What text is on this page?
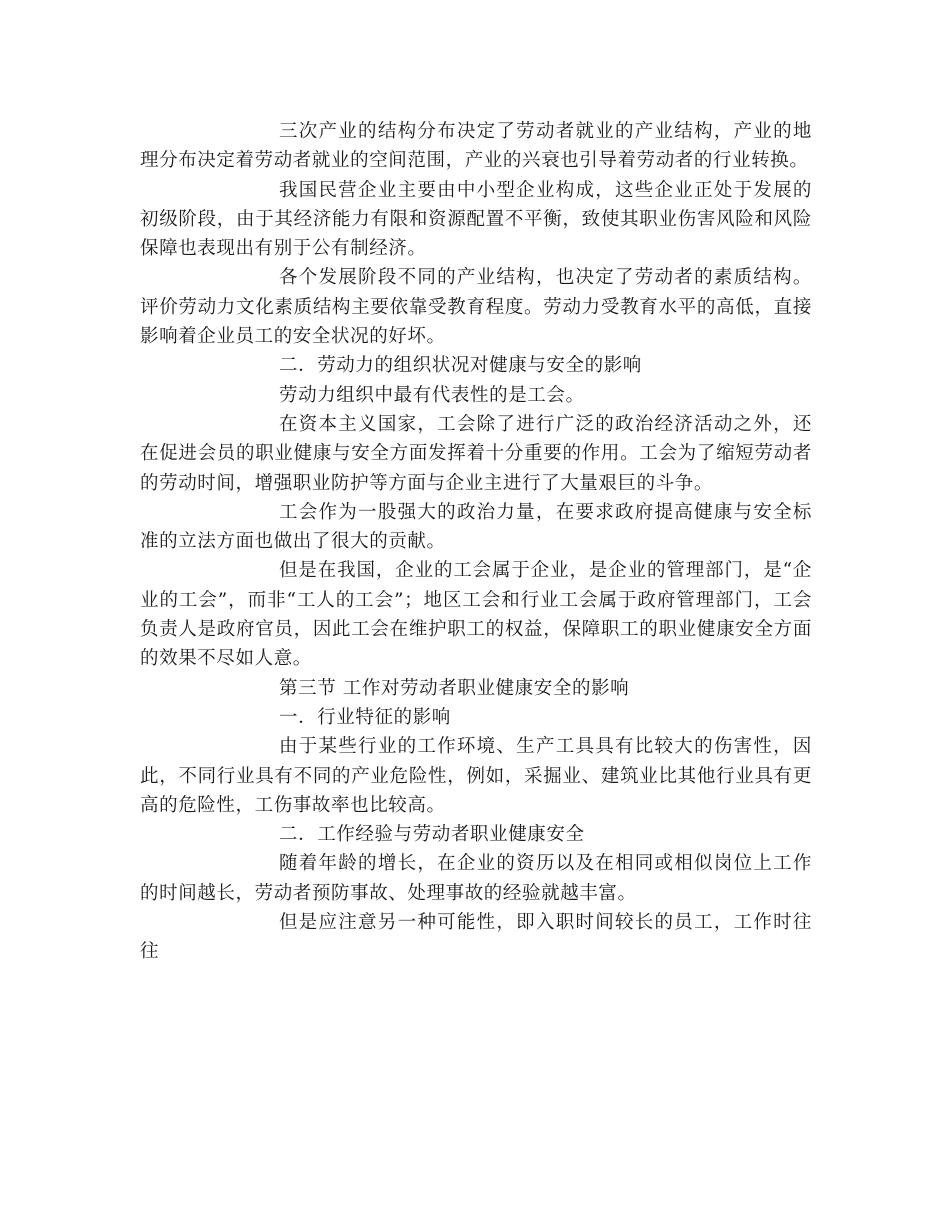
三次产业的结构分布决定了劳动者就业的产业结构，产业的地理分布决定着劳动者就业的空间范围，产业的兴衰也引导着劳动者的行业转换。

我国民营企业主要由中小型企业构成，这些企业正处于发展的初级阶段，由于其经济能力有限和资源配置不平衡，致使其职业伤害风险和风险保障也表现出有别于公有制经济。

各个发展阶段不同的产业结构，也决定了劳动者的素质结构。评价劳动力文化素质结构主要依靠受教育程度。劳动力受教育水平的高低，直接影响着企业员工的安全状况的好坏。

二．劳动力的组织状况对健康与安全的影响

劳动力组织中最有代表性的是工会。

在资本主义国家，工会除了进行广泛的政治经济活动之外，还在促进会员的职业健康与安全方面发挥着十分重要的作用。工会为了缩短劳动者的劳动时间，增强职业防护等方面与企业主进行了大量艰巨的斗争。

工会作为一股强大的政治力量，在要求政府提高健康与安全标准的立法方面也做出了很大的贡献。

但是在我国，企业的工会属于企业，是企业的管理部门，是“企业的工会”，而非“工人的工会”；地区工会和行业工会属于政府管理部门，工会负责人是政府官员，因此工会在维护职工的权益，保障职工的职业健康安全方面的效果不尽如人意。

第三节 工作对劳动者职业健康安全的影响

一．行业特征的影响

由于某些行业的工作环境、生产工具具有比较大的伤害性，因此，不同行业具有不同的产业危险性，例如，采掘业、建筑业比其他行业具有更高的危险性，工伤事故率也比较高。

二．工作经验与劳动者职业健康安全

随着年龄的增长，在企业的资历以及在相同或相似岗位上工作的时间越长，劳动者预防事故、处理事故的经验就越丰富。

但是应注意另一种可能性，即入职时间较长的员工，工作时往往
